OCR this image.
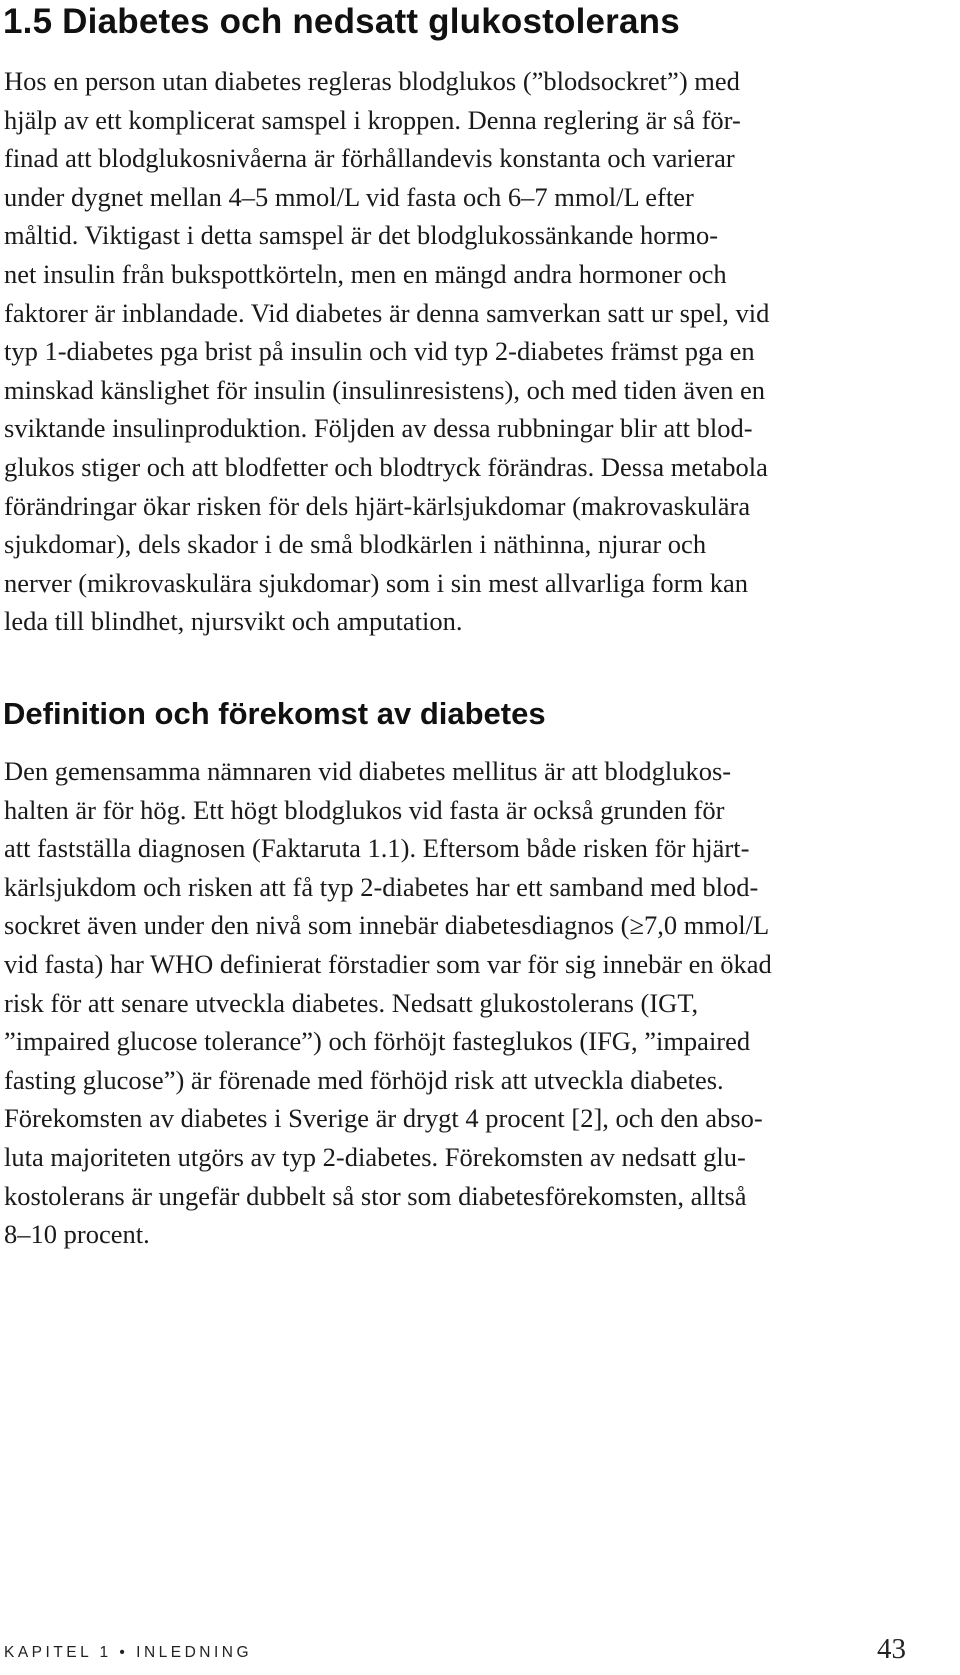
1.5 Diabetes och nedsatt glukostolerans

Hos en person utan diabetes regleras blodglukos (”blodsockret”) med
hjälp av ett komplicerat samspel i kroppen. Denna reglering är så för-
finad att blodglukosnivåerna är förhållandevis konstanta och varierar
under dygnet mellan 4–5 mmol/L vid fasta och 6–7 mmol/L efter
måltid. Viktigast i detta samspel är det blodglukossänkande hormo-
net insulin från bukspottkörteln, men en mängd andra hormoner och
faktorer är inblandade. Vid diabetes är denna samverkan satt ur spel, vid
typ 1-diabetes pga brist på insulin och vid typ 2-diabetes främst pga en
minskad känslighet för insulin (insulinresistens), och med tiden även en
sviktande insulinproduktion. Följden av dessa rubbningar blir att blod-
glukos stiger och att blodfetter och blodtryck förändras. Dessa metabola
förändringar ökar risken för dels hjärt-kärlsjukdomar (makrovaskulära
sjukdomar), dels skador i de små blodkärlen i näthinna, njurar och
nerver (mikrovaskulära sjukdomar) som i sin mest allvarliga form kan
leda till blindhet, njursvikt och amputation.

Definition och förekomst av diabetes

Den gemensamma nämnaren vid diabetes mellitus är att blodglukos-
halten är för hög. Ett högt blodglukos vid fasta är också grunden för
att fastställa diagnosen (Faktaruta 1.1). Eftersom både risken för hjärt-
kärlsjukdom och risken att få typ 2-diabetes har ett samband med blod-
sockret även under den nivå som innebär diabetesdiagnos (≥7,0 mmol/L
vid fasta) har WHO definierat förstadier som var för sig innebär en ökad
risk för att senare utveckla diabetes. Nedsatt glukostolerans (IGT,
”impaired glucose tolerance”) och förhöjt fasteglukos (IFG, ”impaired
fasting glucose”) är förenade med förhöjd risk att utveckla diabetes.
Förekomsten av diabetes i Sverige är drygt 4 procent [2], och den abso-
luta majoriteten utgörs av typ 2-diabetes. Förekomsten av nedsatt glu-
kostolerans är ungefär dubbelt så stor som diabetesförekomsten, alltså
8–10 procent.

KAPITEL 1 • INLEDNING	43
